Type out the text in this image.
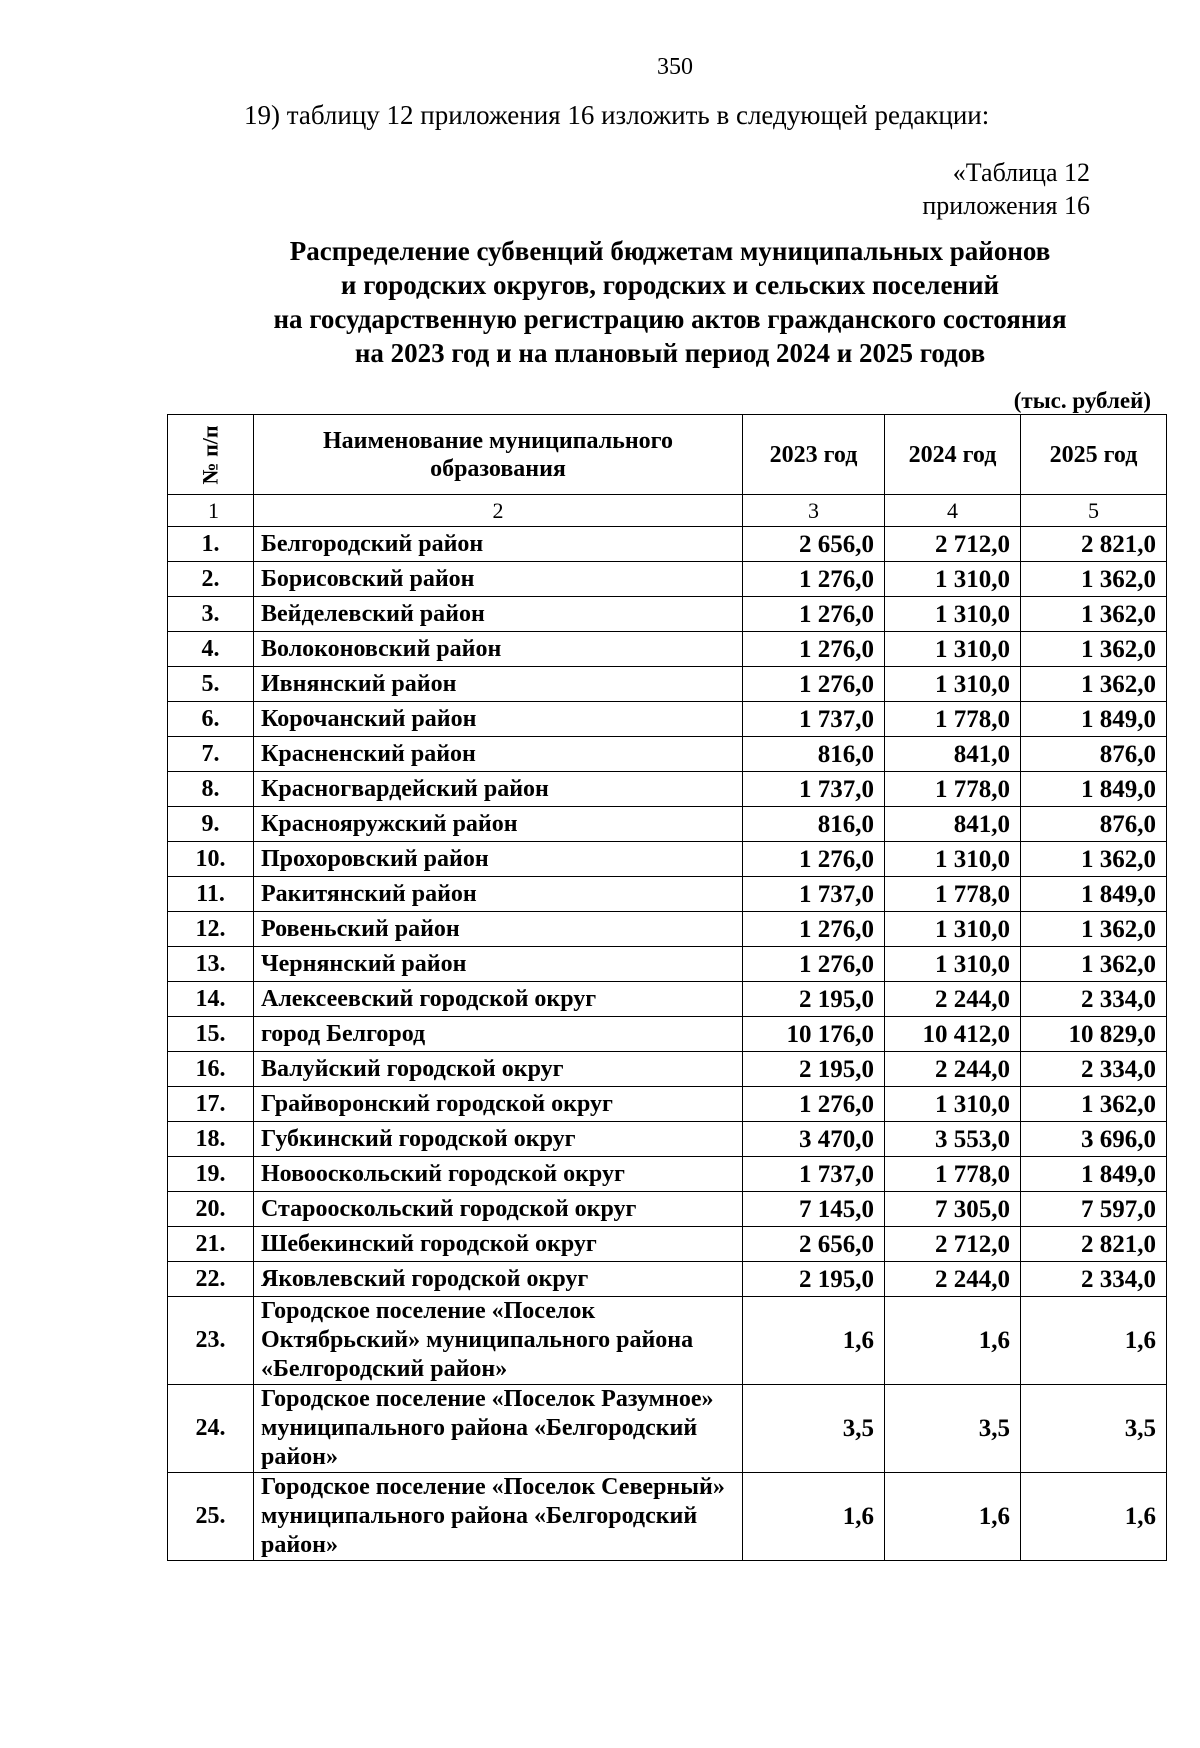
350
19) таблицу 12 приложения 16 изложить в следующей редакции:
«Таблица 12
приложения 16
Распределение субвенций бюджетам муниципальных районов
и городских округов, городских и сельских поселений
на государственную регистрацию актов гражданского состояния
на 2023 год и на плановый период 2024 и 2025 годов
(тыс. рублей)
№ п/п	Наименование муниципального образования	2023 год	2024 год	2025 год
1	2	3	4	5
1.	Белгородский район	2 656,0	2 712,0	2 821,0
2.	Борисовский район	1 276,0	1 310,0	1 362,0
3.	Вейделевский район	1 276,0	1 310,0	1 362,0
4.	Волоконовский район	1 276,0	1 310,0	1 362,0
5.	Ивнянский район	1 276,0	1 310,0	1 362,0
6.	Корочанский район	1 737,0	1 778,0	1 849,0
7.	Красненский район	816,0	841,0	876,0
8.	Красногвардейский район	1 737,0	1 778,0	1 849,0
9.	Краснояружский район	816,0	841,0	876,0
10.	Прохоровский район	1 276,0	1 310,0	1 362,0
11.	Ракитянский район	1 737,0	1 778,0	1 849,0
12.	Ровеньский район	1 276,0	1 310,0	1 362,0
13.	Чернянский район	1 276,0	1 310,0	1 362,0
14.	Алексеевский городской округ	2 195,0	2 244,0	2 334,0
15.	город Белгород	10 176,0	10 412,0	10 829,0
16.	Валуйский городской округ	2 195,0	2 244,0	2 334,0
17.	Грайворонский городской округ	1 276,0	1 310,0	1 362,0
18.	Губкинский городской округ	3 470,0	3 553,0	3 696,0
19.	Новооскольский городской округ	1 737,0	1 778,0	1 849,0
20.	Старооскольский городской округ	7 145,0	7 305,0	7 597,0
21.	Шебекинский городской округ	2 656,0	2 712,0	2 821,0
22.	Яковлевский городской округ	2 195,0	2 244,0	2 334,0
23.	Городское поселение «Поселок Октябрьский» муниципального района «Белгородский район»	1,6	1,6	1,6
24.	Городское поселение «Поселок Разумное» муниципального района «Белгородский район»	3,5	3,5	3,5
25.	Городское поселение «Поселок Северный» муниципального района «Белгородский район»	1,6	1,6	1,6
